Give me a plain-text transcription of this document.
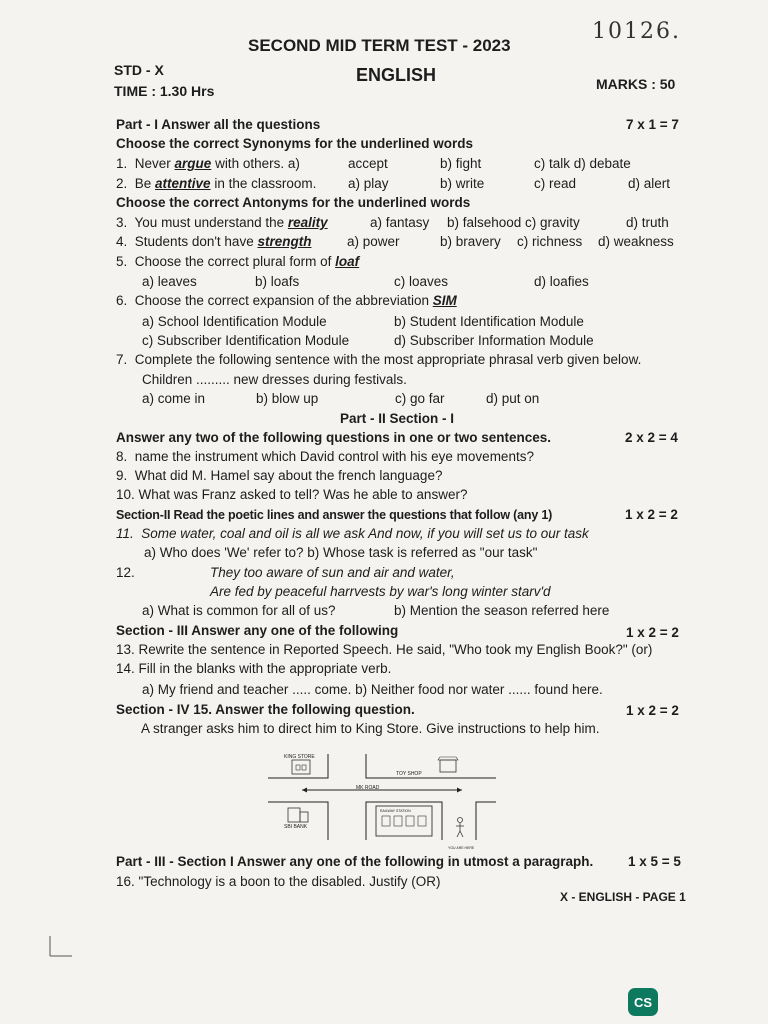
10126.
SECOND MID TERM TEST - 2023
ENGLISH
STD - X
TIME : 1.30 Hrs	MARKS : 50
Part - I Answer all the questions	7 x 1 = 7
Choose the correct Synonyms for the underlined words
1. Never argue with others. a)	accept	b) fight	c) talk d) debate
2. Be attentive in the classroom. a) play	b) write	c) read	d) alert
Choose the correct Antonyms for the underlined words
3. You must understand the reality	a) fantasy b) falsehood c) gravity	d) truth
4. Students don't have strength	a) power	b) bravery c) richness d) weakness
5. Choose the correct plural form of loaf
a) leaves	b) loafs	c) loaves	d) loafies
6. Choose the correct expansion of the abbreviation SIM
a) School Identification Module	b) Student Identification Module
c) Subscriber Identification Module	d) Subscriber Information Module
7. Complete the following sentence with the most appropriate phrasal verb given below.
Children ......... new dresses during festivals.
a) come in	b) blow up	c) go far	d) put on
Part - II Section - I
Answer any two of the following questions in one or two sentences.	2 x 2 = 4
8. name the instrument which David control with his eye movements?
9. What did M. Hamel say about the french language?
10. What was Franz asked to tell? Was he able to answer?
Section-II Read the poetic lines and answer the questions that follow (any 1)	1 x 2 = 2
11. Some water, coal and oil is all we ask And now, if you will set us to our task
a) Who does 'We' refer to? b) Whose task is referred as "our task"
12.	They too aware of sun and air and water,
Are fed by peaceful harrvests by war's long winter starv'd
a) What is common for all of us?	b) Mention the season referred here
Section - III Answer any one of the following	1 x 2 = 2
13. Rewrite the sentence in Reported Speech. He said, "Who took my English Book?" (or)
14. Fill in the blanks with the appropriate verb.
a) My friend and teacher ..... come. b) Neither food nor water ...... found here.
Section - IV 15. Answer the following question.	1 x 2 = 2
A stranger asks him to direct him to King Store. Give instructions to help him.
KING STORE
TOY SHOP
MK ROAD
SBI BANK
RAILWAY STATION
YOU ARE HERE
Part - III - Section I Answer any one of the following in utmost a paragraph.	1 x 5 = 5
16. "Technology is a boon to the disabled. Justify (OR)
X - ENGLISH - PAGE 1
CS
